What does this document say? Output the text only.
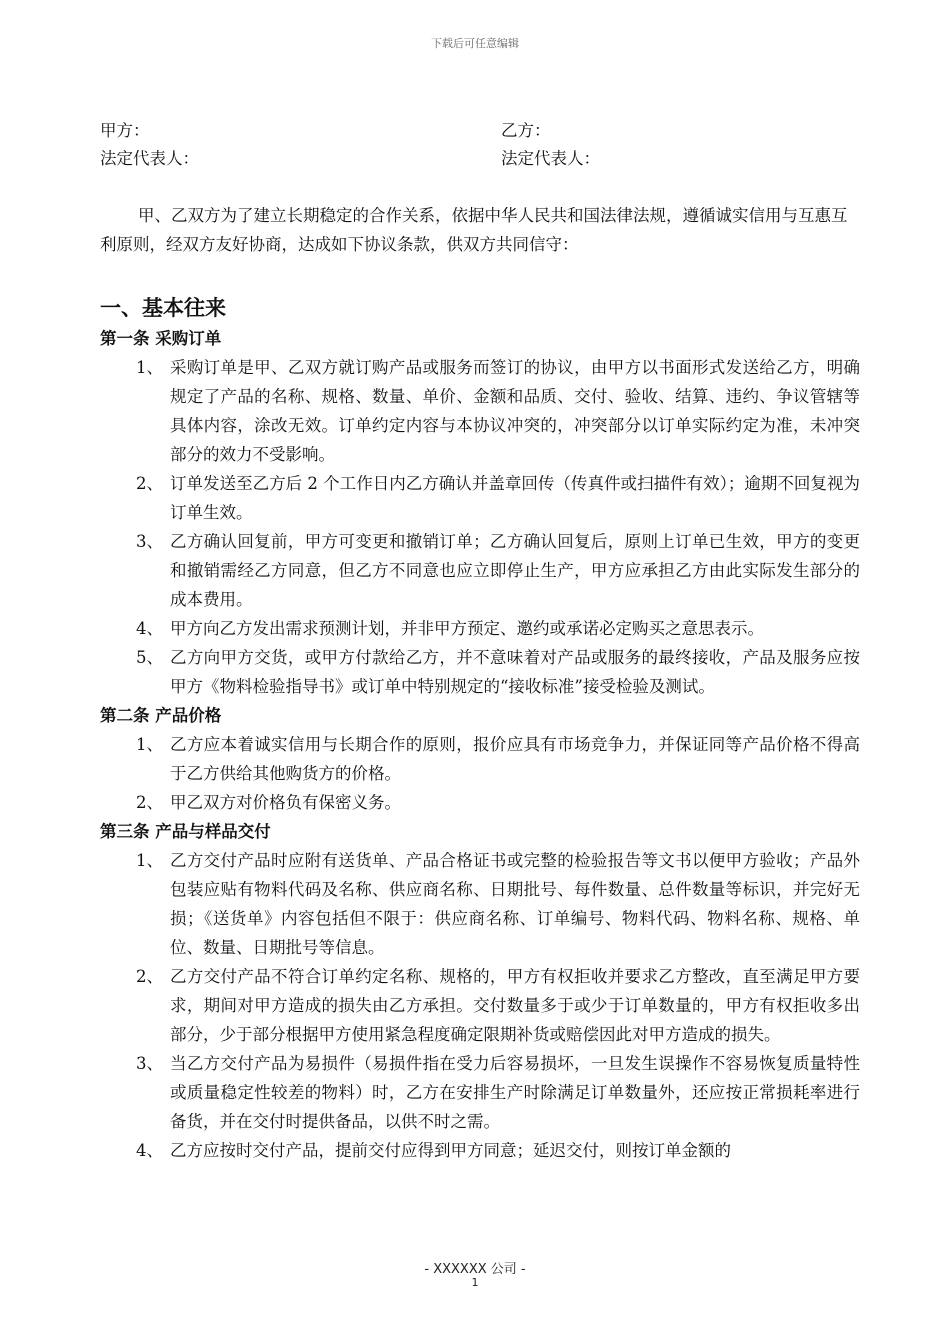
下载后可任意编辑
甲方：	乙方：
法定代表人：	法定代表人：

甲、乙双方为了建立长期稳定的合作关系，依据中华人民共和国法律法规，遵循诚实信用与互惠互利原则，经双方友好协商，达成如下协议条款，供双方共同信守：

一、基本往来
第一条 采购订单
1、 采购订单是甲、乙双方就订购产品或服务而签订的协议，由甲方以书面形式发送给乙方，明确规定了产品的名称、规格、数量、单价、金额和品质、交付、验收、结算、违约、争议管辖等具体内容，涂改无效。订单约定内容与本协议冲突的，冲突部分以订单实际约定为准，未冲突部分的效力不受影响。
2、 订单发送至乙方后 2 个工作日内乙方确认并盖章回传（传真件或扫描件有效）；逾期不回复视为订单生效。
3、 乙方确认回复前，甲方可变更和撤销订单；乙方确认回复后，原则上订单已生效，甲方的变更和撤销需经乙方同意，但乙方不同意也应立即停止生产，甲方应承担乙方由此实际发生部分的成本费用。
4、 甲方向乙方发出需求预测计划，并非甲方预定、邀约或承诺必定购买之意思表示。
5、 乙方向甲方交货，或甲方付款给乙方，并不意味着对产品或服务的最终接收，产品及服务应按甲方《物料检验指导书》或订单中特别规定的“接收标准”接受检验及测试。
第二条 产品价格
1、 乙方应本着诚实信用与长期合作的原则，报价应具有市场竞争力，并保证同等产品价格不得高于乙方供给其他购货方的价格。
2、 甲乙双方对价格负有保密义务。
第三条 产品与样品交付
1、 乙方交付产品时应附有送货单、产品合格证书或完整的检验报告等文书以便甲方验收；产品外包装应贴有物料代码及名称、供应商名称、日期批号、每件数量、总件数量等标识，并完好无损；《送货单》内容包括但不限于：供应商名称、订单编号、物料代码、物料名称、规格、单位、数量、日期批号等信息。
2、 乙方交付产品不符合订单约定名称、规格的，甲方有权拒收并要求乙方整改，直至满足甲方要求，期间对甲方造成的损失由乙方承担。交付数量多于或少于订单数量的，甲方有权拒收多出部分，少于部分根据甲方使用紧急程度确定限期补货或赔偿因此对甲方造成的损失。
3、 当乙方交付产品为易损件（易损件指在受力后容易损坏，一旦发生误操作不容易恢复质量特性或质量稳定性较差的物料）时，乙方在安排生产时除满足订单数量外，还应按正常损耗率进行备货，并在交付时提供备品，以供不时之需。
4、 乙方应按时交付产品，提前交付应得到甲方同意；延迟交付，则按订单金额的
- XXXXXX 公司 -
1
